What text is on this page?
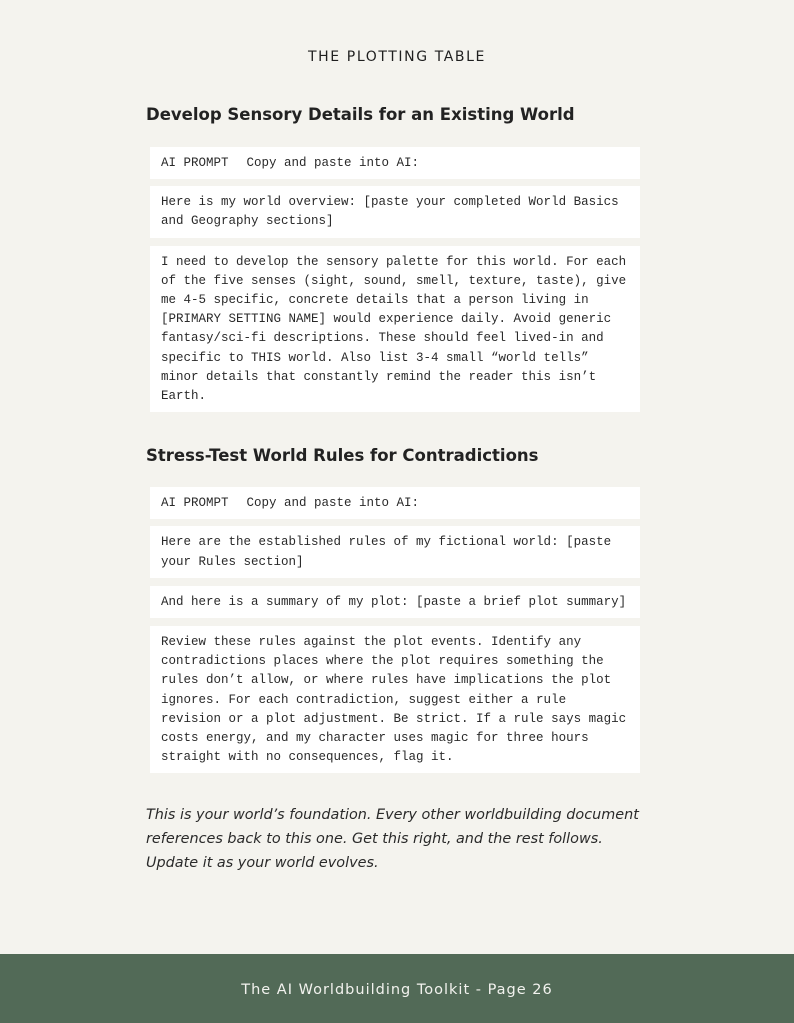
THE PLOTTING TABLE
Develop Sensory Details for an Existing World
AI PROMPT Copy and paste into AI:
Here is my world overview: [paste your completed World Basics and Geography sections]
I need to develop the sensory palette for this world. For each of the five senses (sight, sound, smell, texture, taste), give me 4-5 specific, concrete details that a person living in [PRIMARY SETTING NAME] would experience daily. Avoid generic fantasy/sci-fi descriptions. These should feel lived-in and specific to THIS world. Also list 3-4 small “world tells” minor details that constantly remind the reader this isn’t Earth.
Stress-Test World Rules for Contradictions
AI PROMPT Copy and paste into AI:
Here are the established rules of my fictional world: [paste your Rules section]
And here is a summary of my plot: [paste a brief plot summary]
Review these rules against the plot events. Identify any contradictions places where the plot requires something the rules don’t allow, or where rules have implications the plot ignores. For each contradiction, suggest either a rule revision or a plot adjustment. Be strict. If a rule says magic costs energy, and my character uses magic for three hours straight with no consequences, flag it.
This is your world’s foundation. Every other worldbuilding document references back to this one. Get this right, and the rest follows. Update it as your world evolves.
The AI Worldbuilding Toolkit - Page 26
